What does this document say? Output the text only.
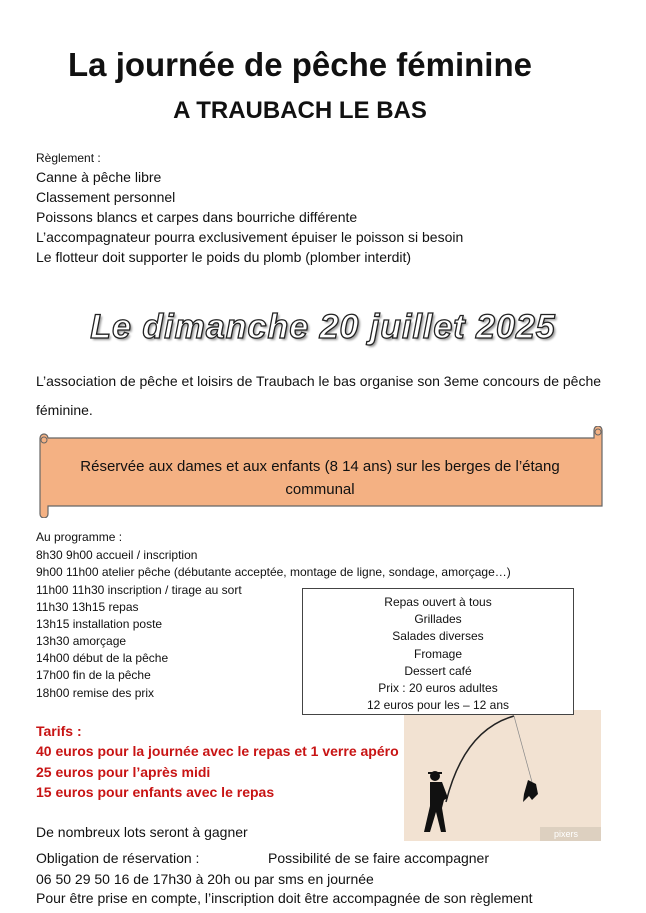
La journée de pêche féminine
A TRAUBACH LE BAS
Règlement :
Canne à pêche libre
Classement personnel
Poissons blancs et carpes dans bourriche différente
L’accompagnateur pourra exclusivement épuiser le poisson si besoin
Le flotteur doit supporter le poids du plomb (plomber interdit)
Le dimanche 20 juillet 2025
L’association de pêche et loisirs de Traubach le bas organise son 3eme concours de pêche
féminine.
Réservée aux dames et aux enfants (8 14 ans) sur les berges de l’étang communal
Au programme :
8h30 9h00 accueil / inscription
9h00 11h00 atelier pêche (débutante acceptée, montage de ligne, sondage, amorçage…)
11h00 11h30 inscription / tirage au sort
11h30 13h15 repas
13h15 installation poste
13h30 amorçage
14h00 début de la pêche
17h00 fin de la pêche
18h00 remise des prix
pixers
Repas ouvert à tous
Grillades
Salades diverses
Fromage
Dessert café
Prix : 20 euros adultes
12 euros pour les – 12 ans
Tarifs :
40 euros pour la journée avec le repas et 1 verre apéro
25 euros pour l’après midi
15 euros pour enfants avec le repas
De nombreux lots seront à gagner
Obligation de réservation :	Possibilité de se faire accompagner
06 50 29 50 16 de 17h30 à 20h ou par sms en journée
Pour être prise en compte, l’inscription doit être accompagnée de son règlement
